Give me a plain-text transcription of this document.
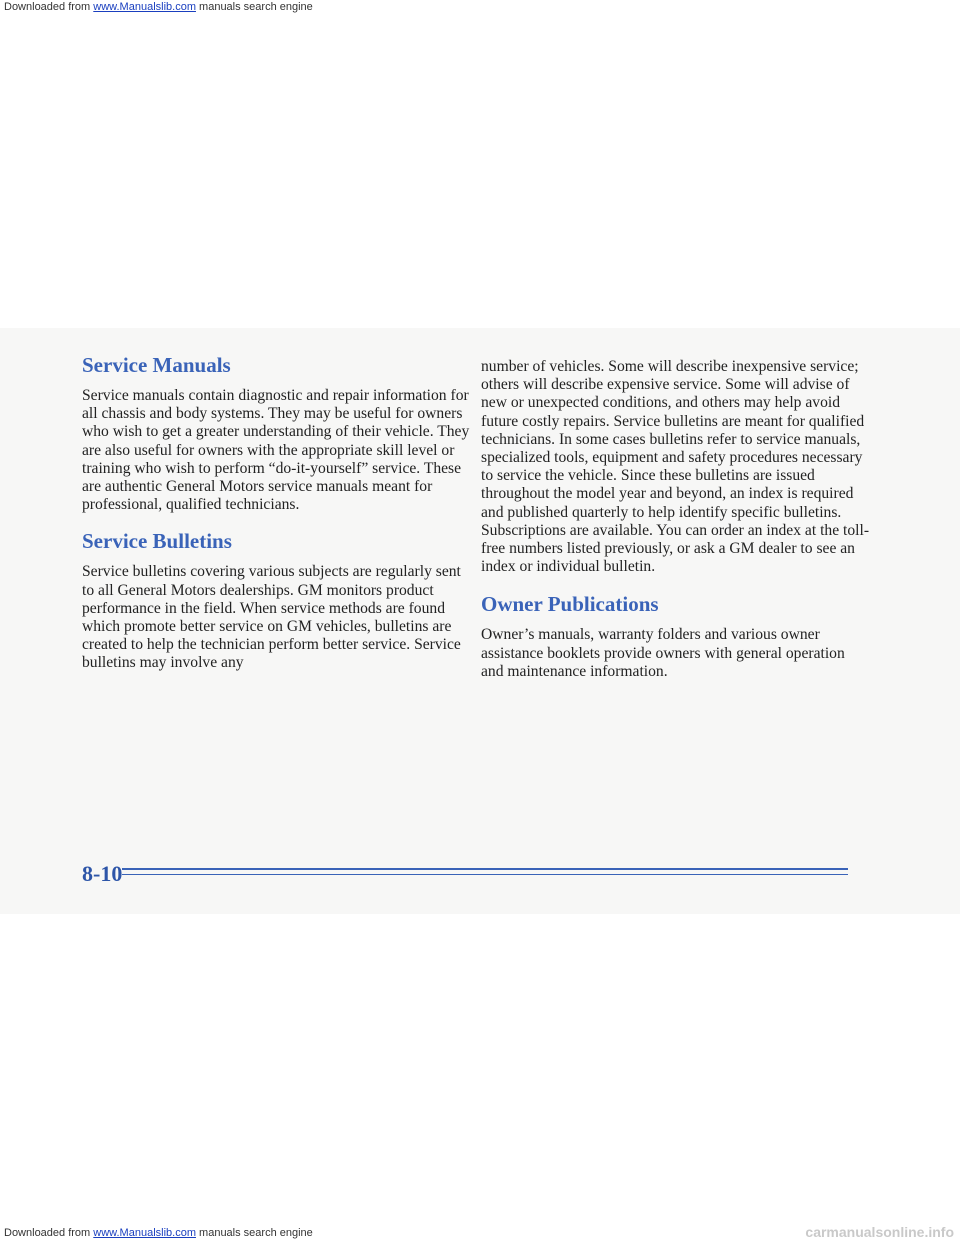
Downloaded from www.Manualslib.com manuals search engine
Service Manuals

Service manuals contain diagnostic and repair information for all chassis and body systems. They may be useful for owners who wish to get a greater understanding of their vehicle. They are also useful for owners with the appropriate skill level or training who wish to perform “do-it-yourself” service. These are authentic General Motors service manuals meant for professional, qualified technicians.

Service Bulletins

Service bulletins covering various subjects are regularly sent to all General Motors dealerships. GM monitors product performance in the field. When service methods are found which promote better service on GM vehicles, bulletins are created to help the technician perform better service. Service bulletins may involve any

number of vehicles. Some will describe inexpensive service; others will describe expensive service. Some will advise of new or unexpected conditions, and others may help avoid future costly repairs. Service bulletins are meant for qualified technicians. In some cases bulletins refer to service manuals, specialized tools, equipment and safety procedures necessary to service the vehicle. Since these bulletins are issued throughout the model year and beyond, an index is required and published quarterly to help identify specific bulletins. Subscriptions are available. You can order an index at the toll-free numbers listed previously, or ask a GM dealer to see an index or individual bulletin.

Owner Publications

Owner’s manuals, warranty folders and various owner assistance booklets provide owners with general operation and maintenance information.

8-10
Downloaded from www.Manualslib.com manuals search engine	carmanualsonline.info
